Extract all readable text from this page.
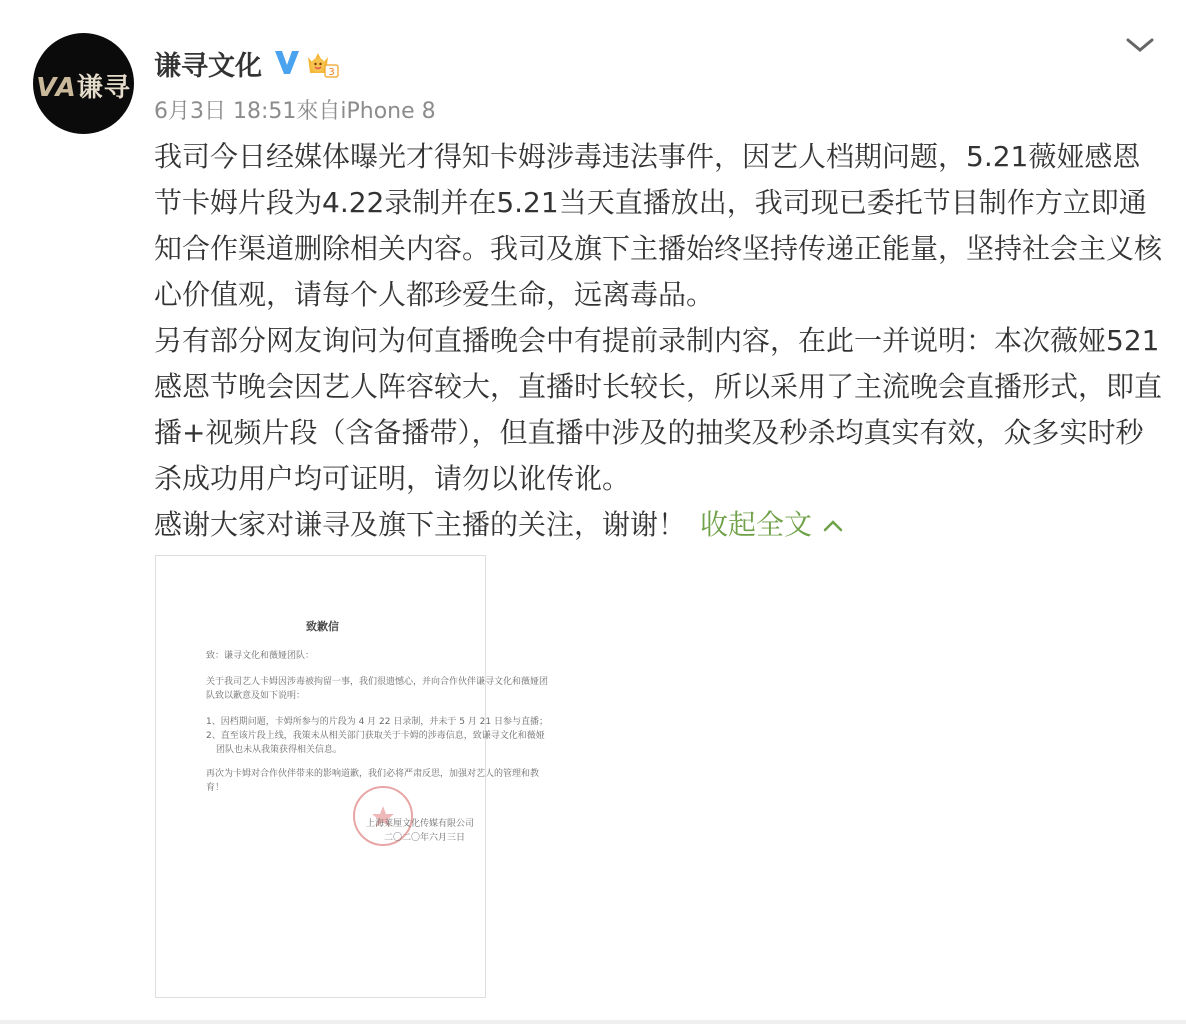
VA谦寻
谦寻文化	3
6月3日 18:51來自iPhone 8

我司今日经媒体曝光才得知卡姆涉毒违法事件，因艺人档期问题，5.21薇娅感恩节卡姆片段为4.22录制并在5.21当天直播放出，我司现已委托节目制作方立即通知合作渠道删除相关内容。我司及旗下主播始终坚持传递正能量，坚持社会主义核心价值观，请每个人都珍爱生命，远离毒品。

另有部分网友询问为何直播晚会中有提前录制内容，在此一并说明：本次薇娅521感恩节晚会因艺人阵容较大，直播时长较长，所以采用了主流晚会直播形式，即直播+视频片段（含备播带），但直播中涉及的抽奖及秒杀均真实有效，众多实时秒杀成功用户均可证明，请勿以讹传讹。

感谢大家对谦寻及旗下主播的关注，谢谢！ 收起全文

致歉信
致：谦寻文化和薇娅团队：
关于我司艺人卡姆因涉毒被拘留一事，我们很遗憾心，并向合作伙伴谦寻文化和薇娅团
队致以歉意及如下说明：
1、因档期问题，卡姆所参与的片段为 4 月 22 日录制，并未于 5 月 21 日参与直播；
2、直至该片段上线，我策未从相关部门获取关于卡姆的涉毒信息，致谦寻文化和薇娅
团队也未从我策获得相关信息。
再次为卡姆对合作伙伴带来的影响道歉，我们必将严肃反思，加强对艺人的管理和教
育！
上海莱厘文化传媒有限公司
二〇二〇年六月三日
